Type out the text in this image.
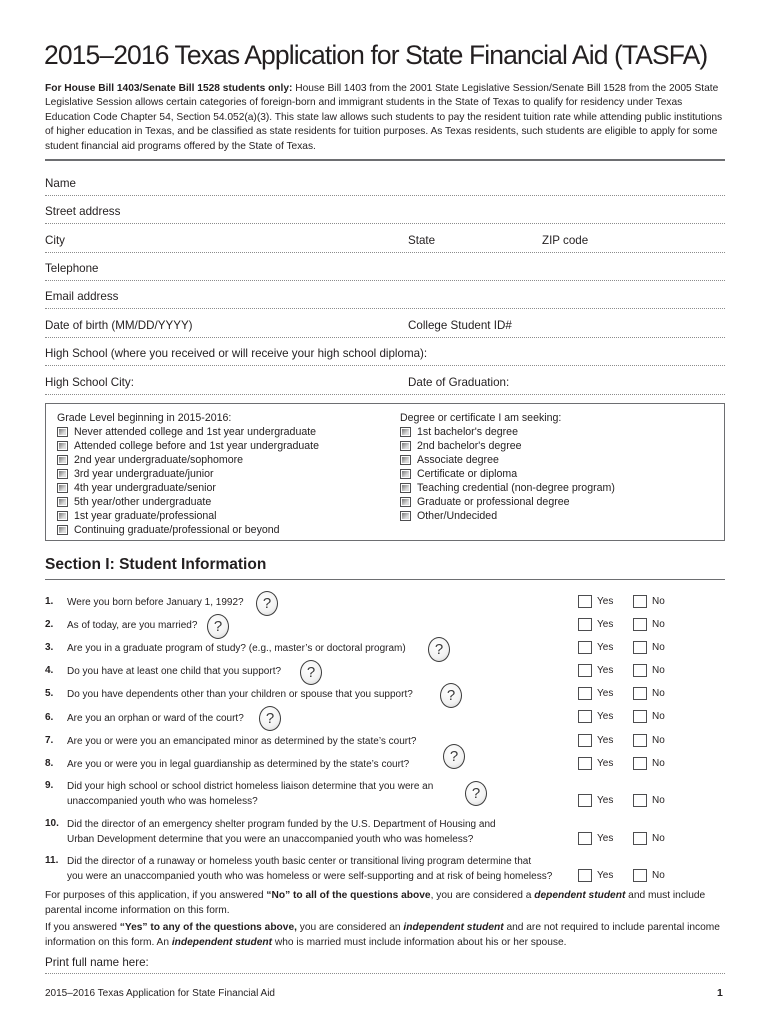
2015–2016 Texas Application for State Financial Aid (TASFA)

For House Bill 1403/Senate Bill 1528 students only: House Bill 1403 from the 2001 State Legislative Session/Senate Bill 1528 from the 2005 State Legislative Session allows certain categories of foreign-born and immigrant students in the State of Texas to qualify for residency under Texas Education Code Chapter 54, Section 54.052(a)(3). This state law allows such students to pay the resident tuition rate while attending public institutions of higher education in Texas, and be classified as state residents for tuition purposes. As Texas residents, such students are eligible to apply for some student financial aid programs offered by the State of Texas.

Name
Street address
City	State	ZIP code
Telephone
Email address
Date of birth (MM/DD/YYYY)	College Student ID#
High School (where you received or will receive your high school diploma):
High School City:	Date of Graduation:
Grade Level beginning in 2015-2016:
Never attended college and 1st year undergraduate
Attended college before and 1st year undergraduate
2nd year undergraduate/sophomore
3rd year undergraduate/junior
4th year undergraduate/senior
5th year/other undergraduate
1st year graduate/professional
Continuing graduate/professional or beyond
Degree or certificate I am seeking:
1st bachelor's degree
2nd bachelor's degree
Associate degree
Certificate or diploma
Teaching credential (non-degree program)
Graduate or professional degree
Other/Undecided
Section I: Student Information
1. Were you born before January 1, 1992?	?	Yes	No
2. As of today, are you married?	?	Yes	No
3. Are you in a graduate program of study? (e.g., master’s or doctoral program)	?	Yes	No
4. Do you have at least one child that you support?	?	Yes	No
5. Do you have dependents other than your children or spouse that you support?	?	Yes	No
6. Are you an orphan or ward of the court?	?	Yes	No
7. Are you or were you an emancipated minor as determined by the state’s court?	Yes	No
8. Are you or were you in legal guardianship as determined by the state’s court?	?	Yes	No
9. Did your high school or school district homeless liaison determine that you were an
unaccompanied youth who was homeless?	?	Yes	No
10. Did the director of an emergency shelter program funded by the U.S. Department of Housing and
Urban Development determine that you were an unaccompanied youth who was homeless?	Yes	No
11. Did the director of a runaway or homeless youth basic center or transitional living program determine that
you were an unaccompanied youth who was homeless or were self-supporting and at risk of being homeless?	Yes	No

For purposes of this application, if you answered “No” to all of the questions above, you are considered a dependent student and must include parental income information on this form.

If you answered “Yes” to any of the questions above, you are considered an independent student and are not required to include parental income information on this form. An independent student who is married must include information about his or her spouse.

Print full name here:
2015–2016 Texas Application for State Financial Aid	1
